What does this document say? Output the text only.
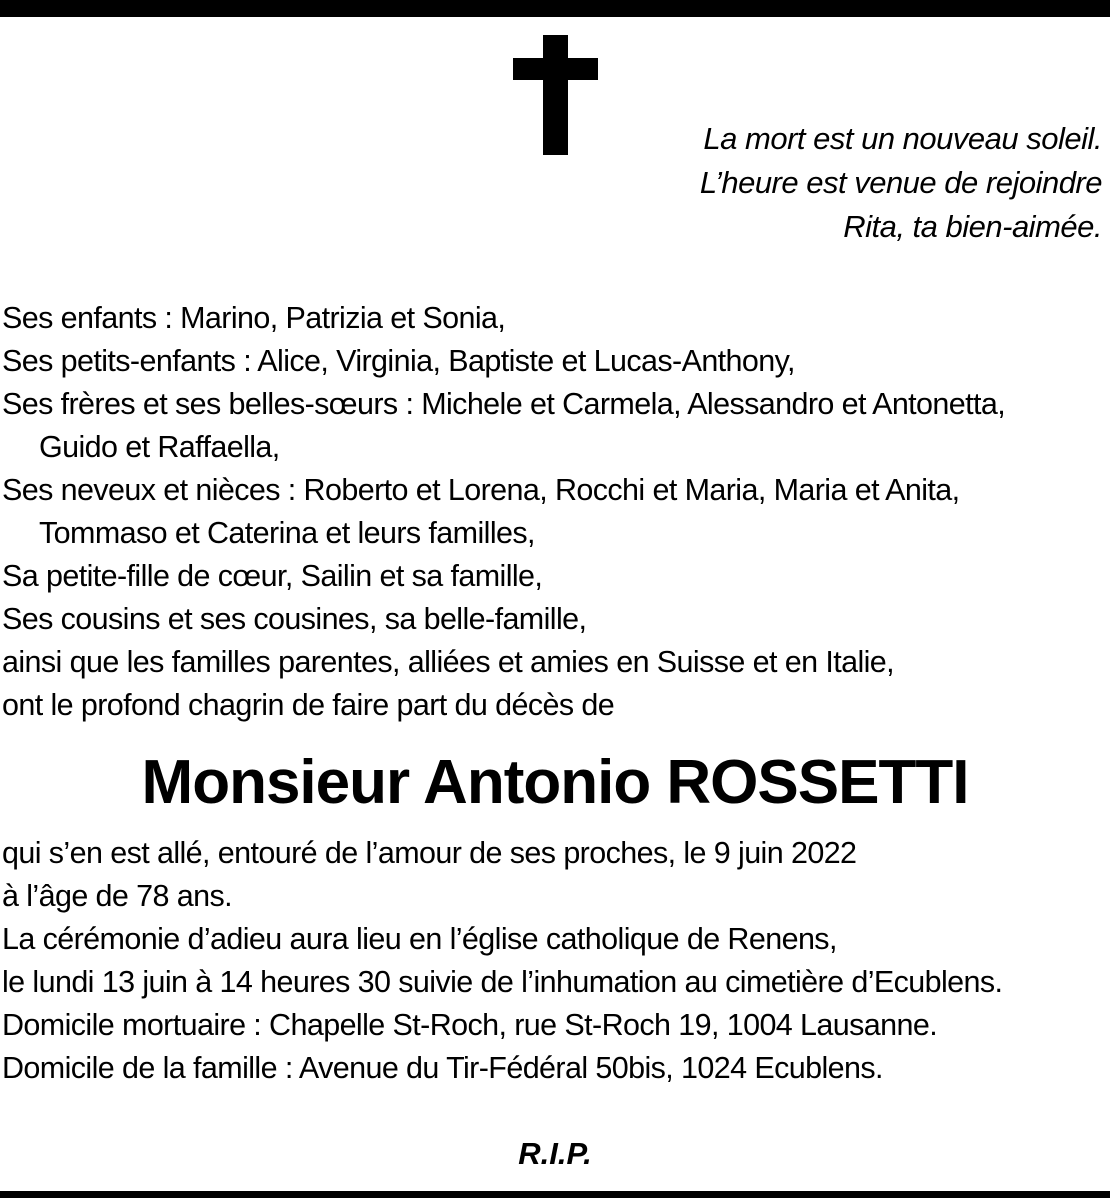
La mort est un nouveau soleil.
L’heure est venue de rejoindre
Rita, ta bien-aimée.
Ses enfants : Marino, Patrizia et Sonia,
Ses petits-enfants : Alice, Virginia, Baptiste et Lucas-Anthony,
Ses frères et ses belles-sœurs : Michele et Carmela, Alessandro et Antonetta,
Guido et Raffaella,
Ses neveux et nièces : Roberto et Lorena, Rocchi et Maria, Maria et Anita,
Tommaso et Caterina et leurs familles,
Sa petite-fille de cœur, Sailin et sa famille,
Ses cousins et ses cousines, sa belle-famille,
ainsi que les familles parentes, alliées et amies en Suisse et en Italie,
ont le profond chagrin de faire part du décès de
Monsieur Antonio ROSSETTI
qui s’en est allé, entouré de l’amour de ses proches, le 9 juin 2022
à l’âge de 78 ans.
La cérémonie d’adieu aura lieu en l’église catholique de Renens,
le lundi 13 juin à 14 heures 30 suivie de l’inhumation au cimetière d’Ecublens.
Domicile mortuaire : Chapelle St-Roch, rue St-Roch 19, 1004 Lausanne.
Domicile de la famille : Avenue du Tir-Fédéral 50bis, 1024 Ecublens.
R.I.P.
